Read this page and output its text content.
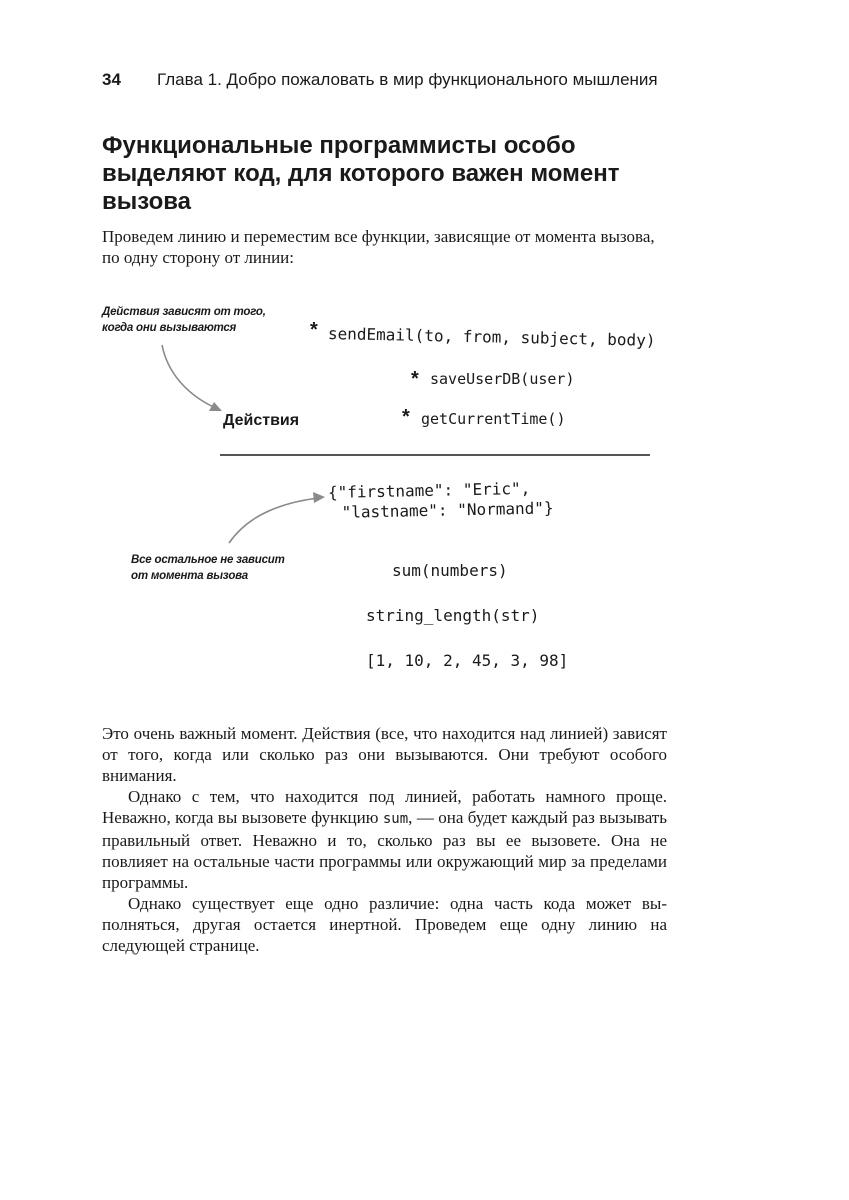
34 Глава 1. Добро пожаловать в мир функционального мышления
Функциональные программисты особо выделяют код, для которого важен момент вызова

Проведем линию и переместим все функции, зависящие от момента вызова, по одну сторону от линии:

Действия зависят от того,
когда они вызываются
Действия
* sendEmail(to, from, subject, body)
* saveUserDB(user)
* getCurrentTime()
{"firstname": "Eric",
"lastname": "Normand"}
Все остальное не зависит
от момента вызова	sum(numbers)
string_length(str)
[1, 10, 2, 45, 3, 98]

Это очень важный момент. Действия (все, что находится над линией) зависят от того, когда или сколько раз они вызываются. Они требуют особого внимания.

Однако с тем, что находится под линией, работать намного проще. Неважно, когда вы вызовете функцию sum, — она будет каждый раз вызывать правильный ответ. Неважно и то, сколько раз вы ее вызовете. Она не повлияет на остальные части программы или окружающий мир за пределами программы.

Однако существует еще одно различие: одна часть кода может выполняться, другая остается инертной. Проведем еще одну линию на следующей странице.
